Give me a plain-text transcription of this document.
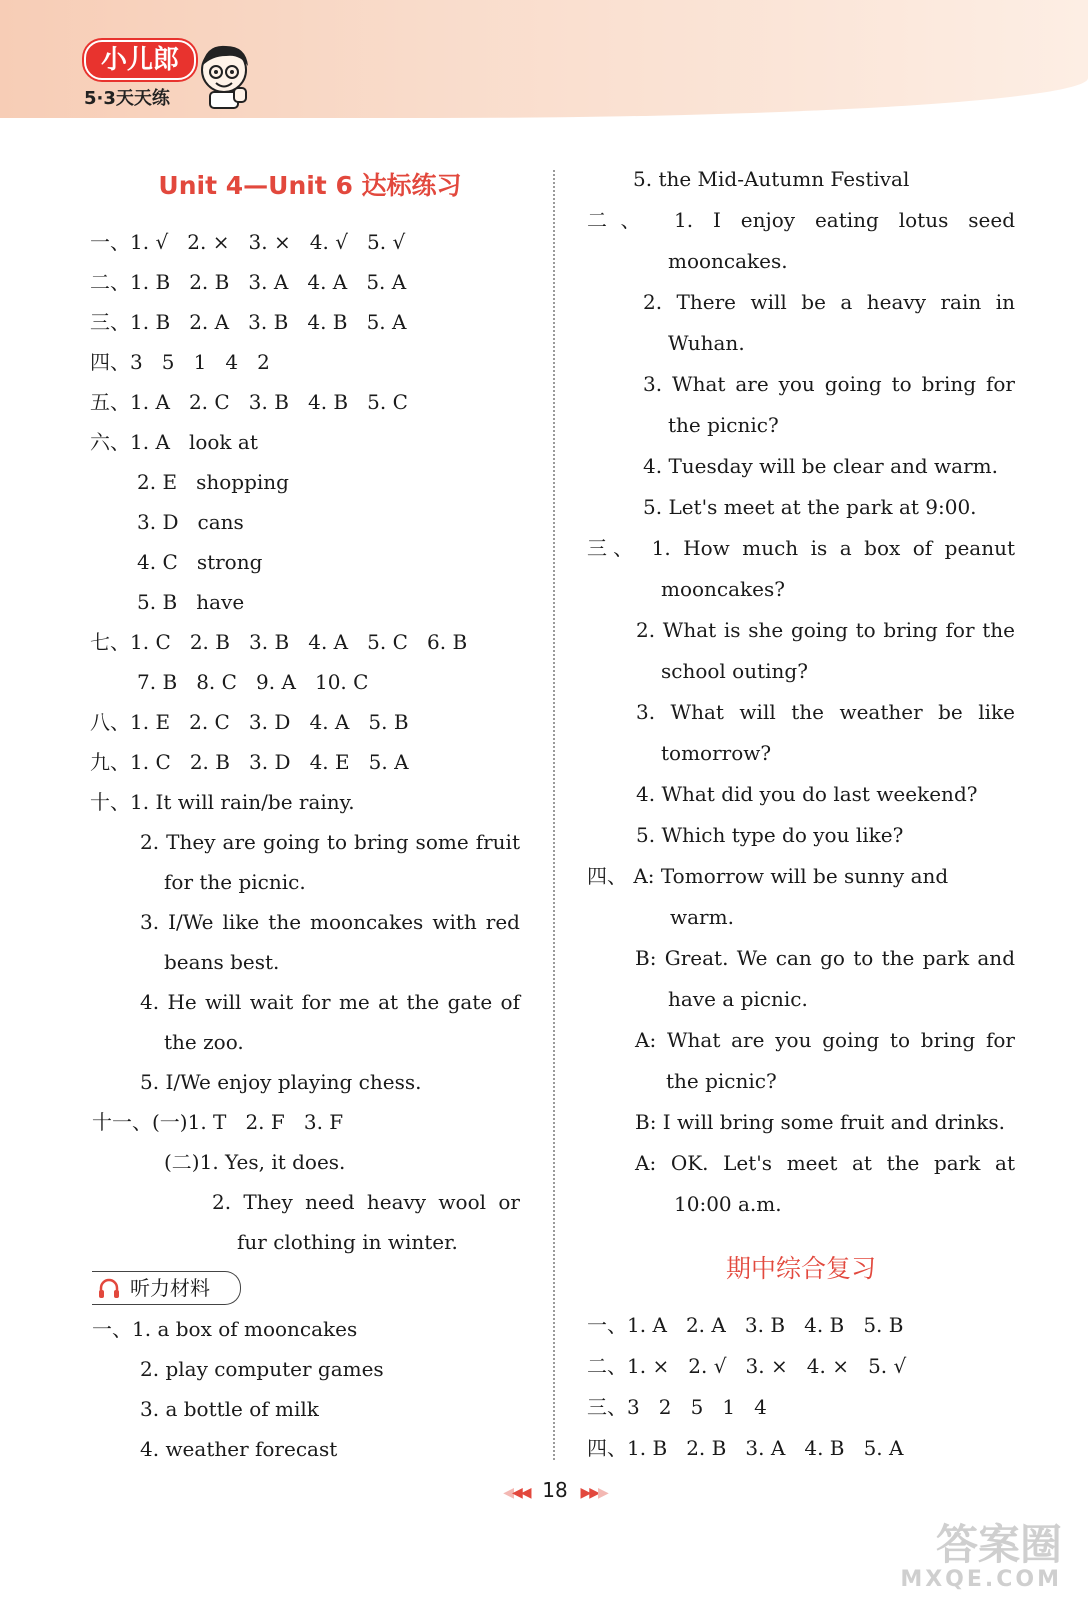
小儿郎
5·3天天练
Unit 4—Unit 6 达标练习
一、1. √   2. ×   3. ×   4. √   5. √
二、1. B   2. B   3. A   4. A   5. A
三、1. B   2. A   3. B   4. B   5. A
四、3   5   1   4   2
五、1. A   2. C   3. B   4. B   5. C
六、1. A   look at
2. E   shopping
3. D   cans
4. C   strong
5. B   have
七、1. C   2. B   3. B   4. A   5. C   6. B
7. B   8. C   9. A   10. C
八、1. E   2. C   3. D   4. A   5. B
九、1. C   2. B   3. D   4. E   5. A
十、1. It will rain/be rainy.
2. They are going to bring some fruit
for the picnic.
3. I/We like the mooncakes with red
beans best.
4. He will wait for me at the gate of
the zoo.
5. I/We enjoy playing chess.
十一、(一)1. T   2. F   3. F
(二)1. Yes, it does.
2. They need heavy wool or
fur clothing in winter.
听力材料
一、1. a box of mooncakes
2. play computer games
3. a bottle of milk
4. weather forecast
5. the Mid-Autumn Festival
二、 1. I enjoy eating lotus seed
mooncakes.
2. There will be a heavy rain in
Wuhan.
3. What are you going to bring for
the picnic?
4. Tuesday will be clear and warm.
5. Let's meet at the park at 9:00.
三、 1. How much is a box of peanut
mooncakes?
2. What is she going to bring for the
school outing?
3. What will the weather be like
tomorrow?
4. What did you do last weekend?
5. Which type do you like?
四、 A: Tomorrow will be sunny and
warm.
B: Great. We can go to the park and
have a picnic.
A: What are you going to bring for
the picnic?
B: I will bring some fruit and drinks.
A: OK. Let's meet at the park at
10:00 a.m.
期中综合复习
一、1. A   2. A   3. B   4. B   5. B
二、1. ×   2. √   3. ×   4. ×   5. √
三、3   2   5   1   4
四、1. B   2. B   3. A   4. B   5. A
◀◀◀ 18 ▶▶▶
答案圈
MXQE.COM
